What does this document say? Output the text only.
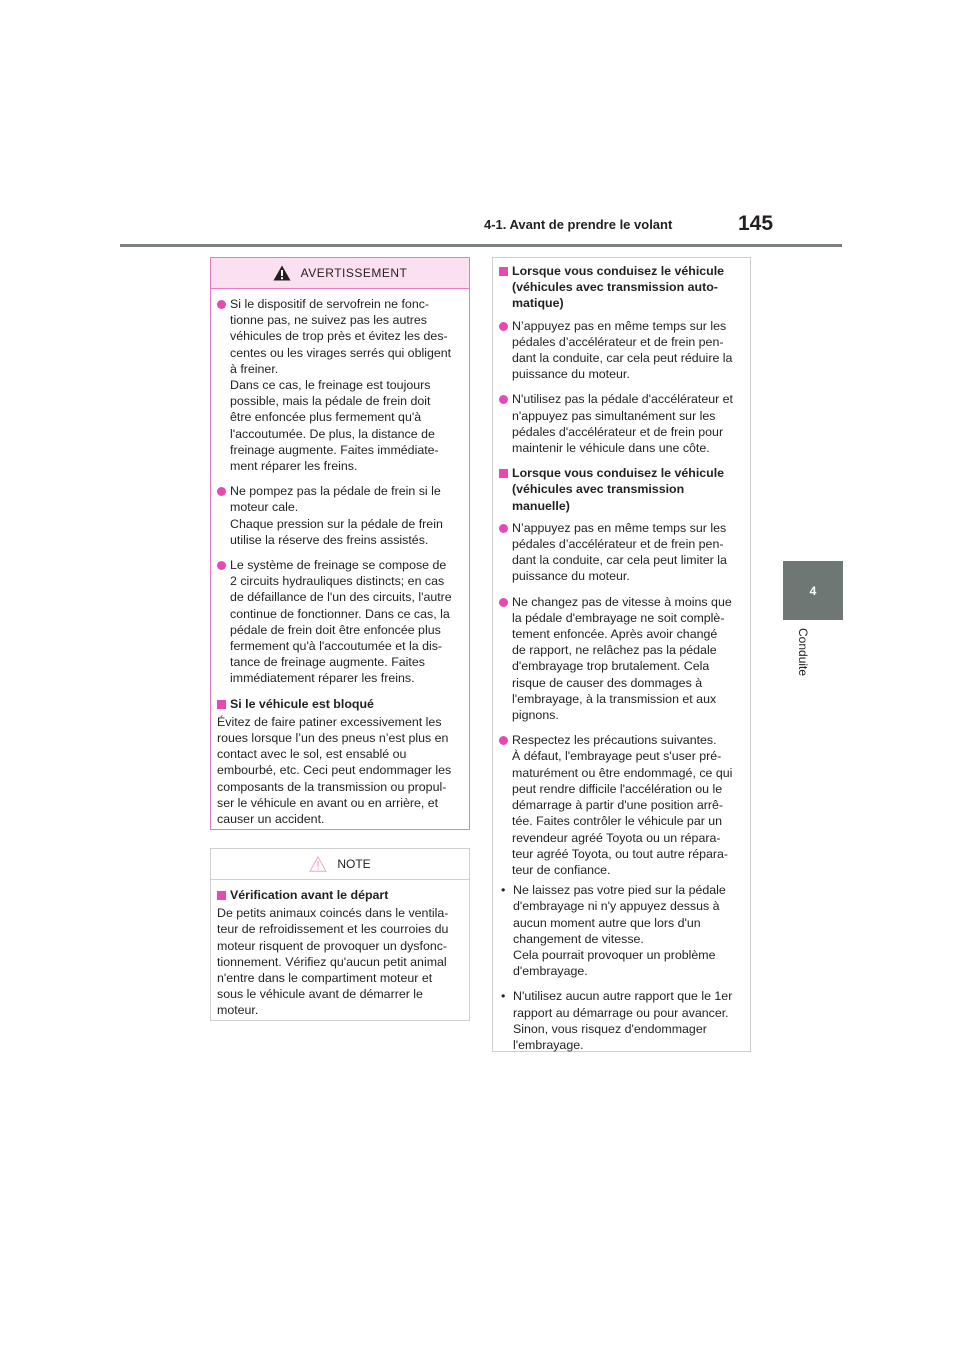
4-1. Avant de prendre le volant	145
4
Conduite
AVERTISSEMENT
Si le dispositif de servofrein ne fonc-
tionne pas, ne suivez pas les autres
véhicules de trop près et évitez les des-
centes ou les virages serrés qui obligent
à freiner.
Dans ce cas, le freinage est toujours
possible, mais la pédale de frein doit
être enfoncée plus fermement qu'à
l'accoutumée. De plus, la distance de
freinage augmente. Faites immédiate-
ment réparer les freins.
Ne pompez pas la pédale de frein si le
moteur cale.
Chaque pression sur la pédale de frein
utilise la réserve des freins assistés.
Le système de freinage se compose de
2 circuits hydrauliques distincts; en cas
de défaillance de l'un des circuits, l'autre
continue de fonctionner. Dans ce cas, la
pédale de frein doit être enfoncée plus
fermement qu'à l'accoutumée et la dis-
tance de freinage augmente. Faites
immédiatement réparer les freins.
Si le véhicule est bloqué
Évitez de faire patiner excessivement les
roues lorsque l’un des pneus n’est plus en
contact avec le sol, est ensablé ou
embourbé, etc. Ceci peut endommager les
composants de la transmission ou propul-
ser le véhicule en avant ou en arrière, et
causer un accident.
NOTE
Vérification avant le départ
De petits animaux coincés dans le ventila-
teur de refroidissement et les courroies du
moteur risquent de provoquer un dysfonc-
tionnement. Vérifiez qu'aucun petit animal
n'entre dans le compartiment moteur et
sous le véhicule avant de démarrer le
moteur.
Lorsque vous conduisez le véhicule
(véhicules avec transmission auto-
matique)
N’appuyez pas en même temps sur les
pédales d’accélérateur et de frein pen-
dant la conduite, car cela peut réduire la
puissance du moteur.
N'utilisez pas la pédale d'accélérateur et
n'appuyez pas simultanément sur les
pédales d'accélérateur et de frein pour
maintenir le véhicule dans une côte.
Lorsque vous conduisez le véhicule
(véhicules avec transmission
manuelle)
N’appuyez pas en même temps sur les
pédales d’accélérateur et de frein pen-
dant la conduite, car cela peut limiter la
puissance du moteur.
Ne changez pas de vitesse à moins que
la pédale d'embrayage ne soit complè-
tement enfoncée. Après avoir changé
de rapport, ne relâchez pas la pédale
d'embrayage trop brutalement. Cela
risque de causer des dommages à
l'embrayage, à la transmission et aux
pignons.
Respectez les précautions suivantes.
À défaut, l'embrayage peut s'user pré-
maturément ou être endommagé, ce qui
peut rendre difficile l'accélération ou le
démarrage à partir d'une position arrê-
tée. Faites contrôler le véhicule par un
revendeur agréé Toyota ou un répara-
teur agréé Toyota, ou tout autre répara-
teur de confiance.
• Ne laissez pas votre pied sur la pédale
d'embrayage ni n'y appuyez dessus à
aucun moment autre que lors d'un
changement de vitesse.
Cela pourrait provoquer un problème
d'embrayage.
• N'utilisez aucun autre rapport que le 1er
rapport au démarrage ou pour avancer.
Sinon, vous risquez d'endommager
l'embrayage.
